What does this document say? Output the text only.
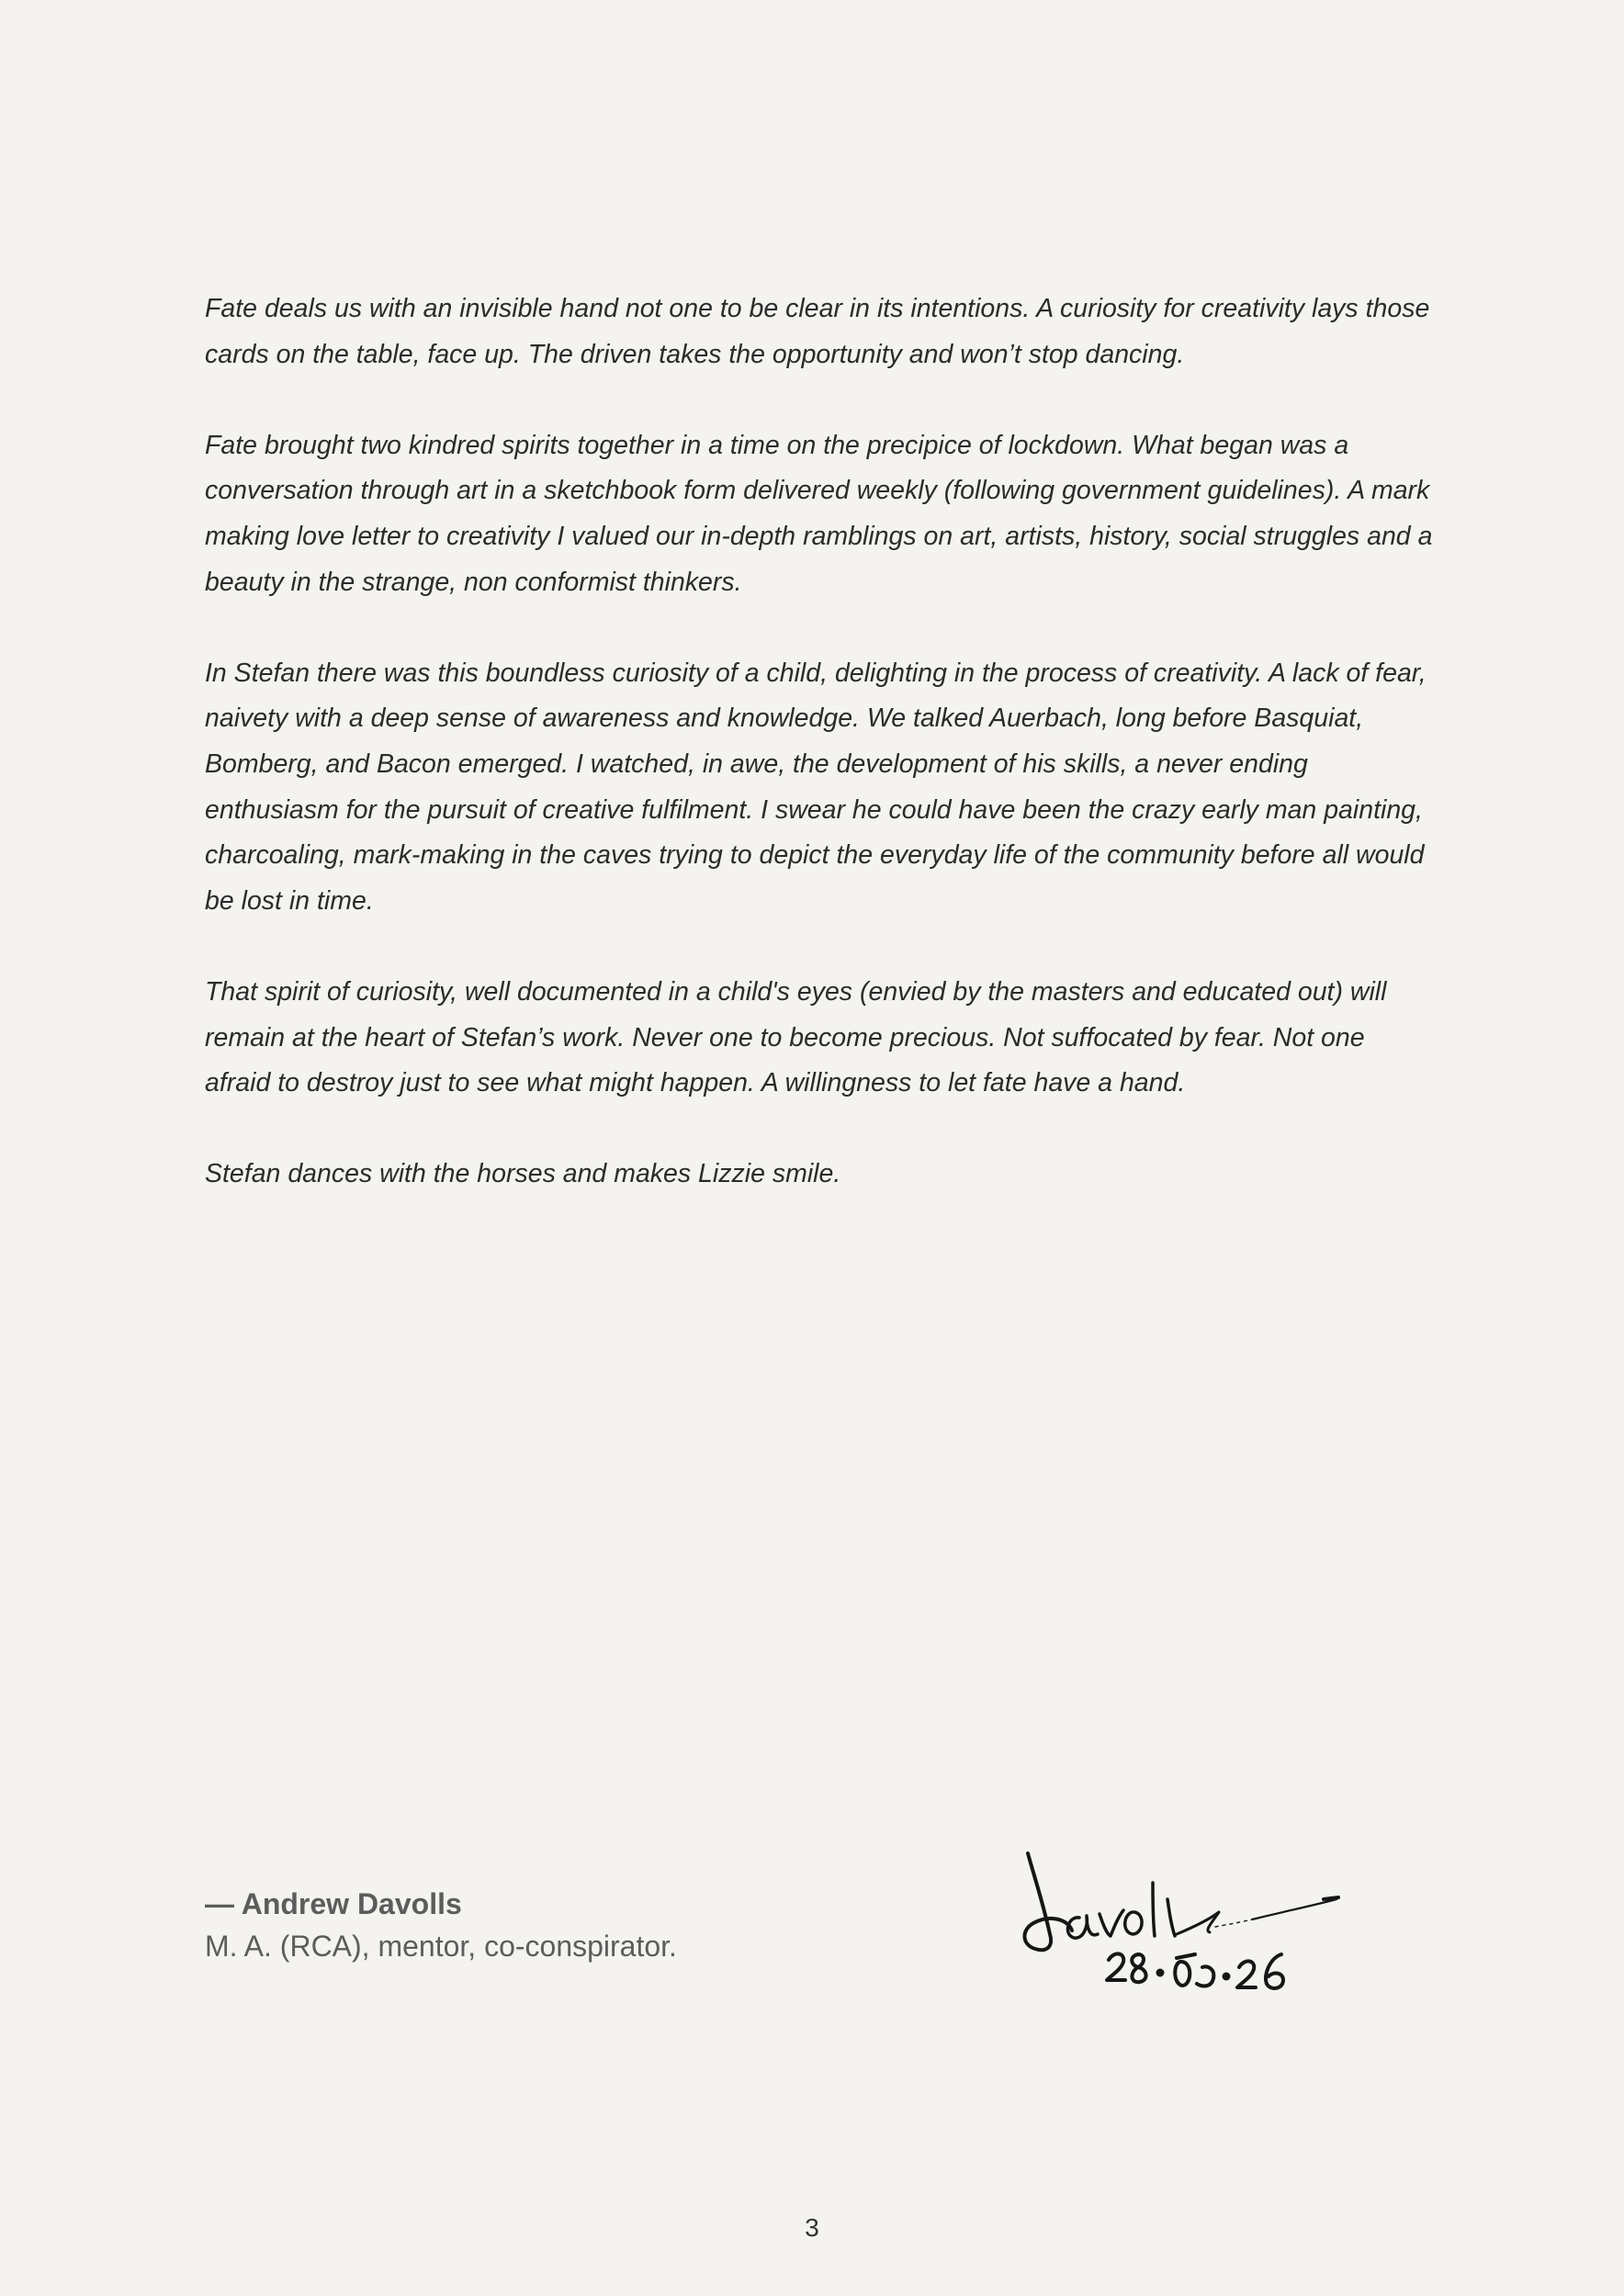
Fate deals us with an invisible hand not one to be clear in its intentions. A curiosity for creativity lays those cards on the table, face up. The driven takes the opportunity and won’t stop dancing.

Fate brought two kindred spirits together in a time on the precipice of lockdown. What began was a conversation through art in a sketchbook form delivered weekly (following government guidelines). A mark making love letter to creativity I valued our in-depth ramblings on art, artists, history, social struggles and a beauty in the strange, non conformist thinkers.

In Stefan there was this boundless curiosity of a child, delighting in the process of creativity. A lack of fear, naivety with a deep sense of awareness and knowledge. We talked Auerbach, long before Basquiat, Bomberg, and Bacon emerged. I watched, in awe, the development of his skills, a never ending enthusiasm for the pursuit of creative fulfilment. I swear he could have been the crazy early man painting, charcoaling, mark-making in the caves trying to depict the everyday life of the community before all would be lost in time.

That spirit of curiosity, well documented in a child's eyes (envied by the masters and educated out) will remain at the heart of Stefan’s work. Never one to become precious. Not suffocated by fear. Not one afraid to destroy just to see what might happen. A willingness to let fate have a hand.

Stefan dances with the horses and makes Lizzie smile.

— Andrew Davolls
M. A. (RCA), mentor, co-conspirator.
3
